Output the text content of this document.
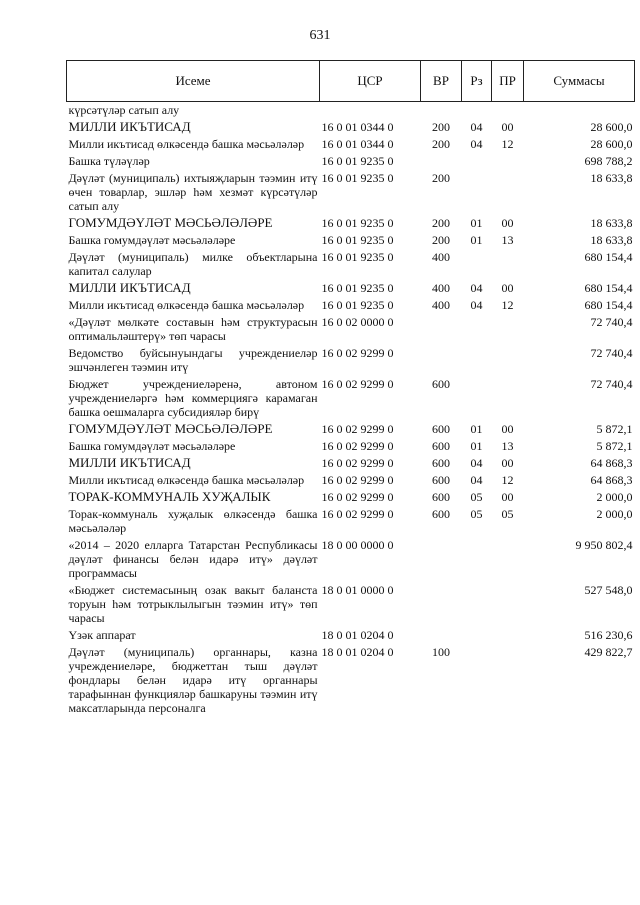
631
Исеме	ЦСР	ВР	Рз	ПР	Суммасы
күрсәтүләр сатып алу					
МИЛЛИ ИКЪТИСАД	16 0 01 0344 0	200	04	00	28 600,0
Милли икътисад өлкәсендә башка мәсьәләләр	16 0 01 0344 0	200	04	12	28 600,0
Башка түләүләр	16 0 01 9235 0				698 788,2
Дәүләт (муниципаль) ихтыяҗларын тәэмин итү өчен товарлар, эшләр һәм хезмәт күрсәтүләр сатып алу	16 0 01 9235 0	200			18 633,8
ГОМУМДӘҮЛӘТ МӘСЬӘЛӘЛӘРЕ	16 0 01 9235 0	200	01	00	18 633,8
Башка гомумдәүләт мәсьәләләре	16 0 01 9235 0	200	01	13	18 633,8
Дәүләт (муниципаль) милке объектларына капитал салулар	16 0 01 9235 0	400			680 154,4
МИЛЛИ ИКЪТИСАД	16 0 01 9235 0	400	04	00	680 154,4
Милли икътисад өлкәсендә башка мәсьәләләр	16 0 01 9235 0	400	04	12	680 154,4
«Дәүләт мөлкәте составын һәм структурасын оптимальләштерү» төп чарасы	16 0 02 0000 0				72 740,4
Ведомство буйсынуындагы учреждениеләр эшчәнлеген тәэмин итү	16 0 02 9299 0				72 740,4
Бюджет учреждениеләренә, автоном учреждениеләргә һәм коммерциягә карамаган башка оешмаларга субсидияләр бирү	16 0 02 9299 0	600			72 740,4
ГОМУМДӘҮЛӘТ МӘСЬӘЛӘЛӘРЕ	16 0 02 9299 0	600	01	00	5 872,1
Башка гомумдәүләт мәсьәләләре	16 0 02 9299 0	600	01	13	5 872,1
МИЛЛИ ИКЪТИСАД	16 0 02 9299 0	600	04	00	64 868,3
Милли икътисад өлкәсендә башка мәсьәләләр	16 0 02 9299 0	600	04	12	64 868,3
ТОРАК-КОММУНАЛЬ ХУҖАЛЫК	16 0 02 9299 0	600	05	00	2 000,0
Торак-коммуналь хуҗалык өлкәсендә башка мәсьәләләр	16 0 02 9299 0	600	05	05	2 000,0
«2014 – 2020 елларга Татарстан Республикасы дәүләт финансы белән идарә итү» дәүләт программасы	18 0 00 0000 0				9 950 802,4
«Бюджет системасының озак вакыт баланста торуын һәм тотрыклылыгын тәэмин итү» төп чарасы	18 0 01 0000 0				527 548,0
Үзәк аппарат	18 0 01 0204 0				516 230,6
Дәүләт (муниципаль) органнары, казна учреждениеләре, бюджеттан тыш дәүләт фондлары белән идарә итү органнары тарафыннан функцияләр башкаруны тәэмин итү максатларында персоналга	18 0 01 0204 0	100			429 822,7
